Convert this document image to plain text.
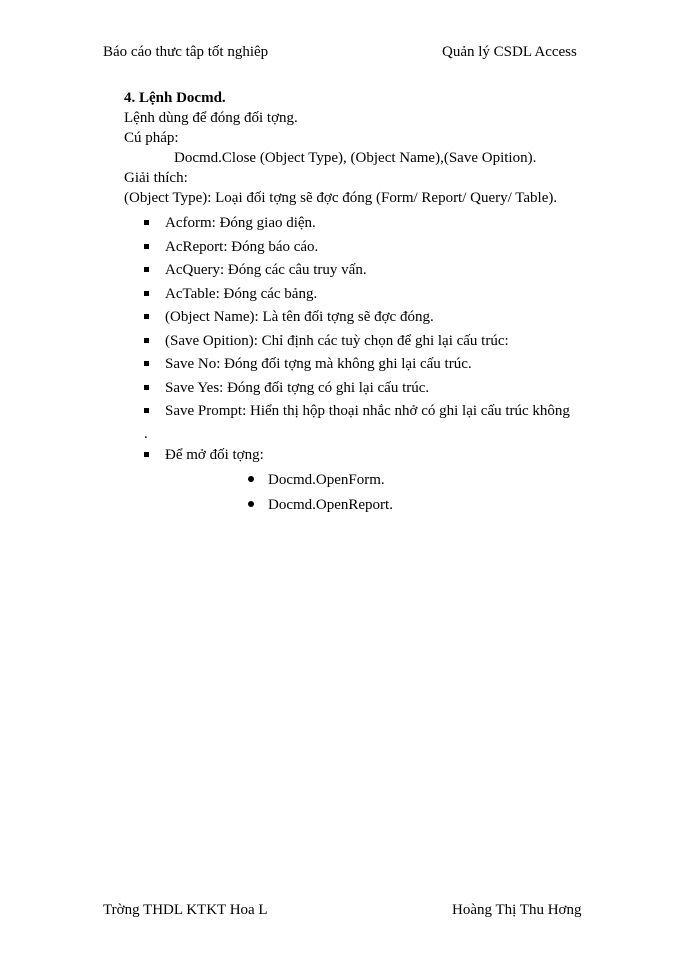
Báo cáo thưc tâp tốt nghiêp	Quản lý CSDL Access
4. Lệnh Docmd.
Lệnh dùng để đóng đối tợng.
Cú pháp:
Docmd.Close (Object Type), (Object Name),(Save Opition).
Giải thích:
(Object Type): Loại đối tợng sẽ đợc đóng (Form/ Report/ Query/ Table).
Acform: Đóng giao diện.
AcReport: Đóng báo cáo.
AcQuery: Đóng các câu truy vấn.
AcTable: Đóng các bảng.
(Object Name): Là tên đối tợng sẽ đợc đóng.
(Save Opition): Chỉ định các tuỳ chọn để ghi lại cấu trúc:
Save No: Đóng đối tợng mà không ghi lại cấu trúc.
Save Yes: Đóng đối tợng có ghi lại cấu trúc.
Save Prompt: Hiển thị hộp thoại nhắc nhở có ghi lại cấu trúc không
.
Để mở đối tợng:
Docmd.OpenForm.
Docmd.OpenReport.
Trờng THDL KTKT Hoa L	Hoàng Thị Thu Hơng
